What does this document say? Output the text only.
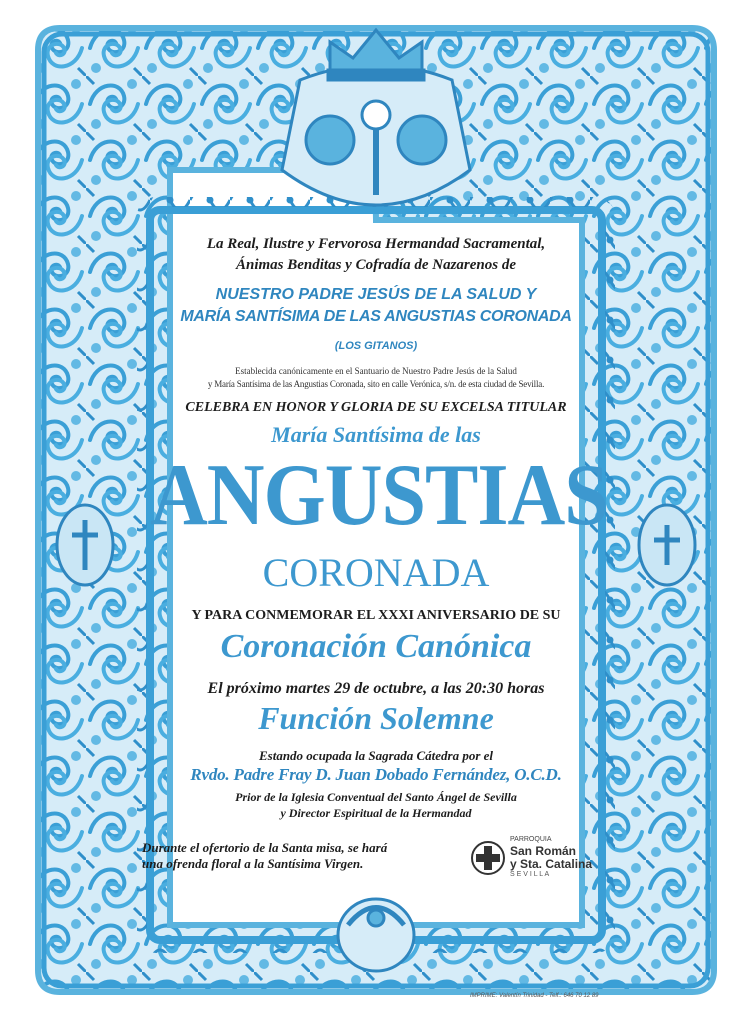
La Real, Ilustre y Fervorosa Hermandad Sacramental,
Ánimas Benditas y Cofradía de Nazarenos de
NUESTRO PADRE JESÚS DE LA SALUD Y
MARÍA SANTÍSIMA DE LAS ANGUSTIAS CORONADA
(LOS GITANOS)
Establecida canónicamente en el Santuario de Nuestro Padre Jesús de la Salud
y María Santísima de las Angustias Coronada, sito en calle Verónica, s/n. de esta ciudad de Sevilla.
CELEBRA EN HONOR Y GLORIA DE SU EXCELSA TITULAR
María Santísima de las
ANGUSTIAS
CORONADA
Y PARA CONMEMORAR EL XXXI ANIVERSARIO DE SU
Coronación Canónica
El próximo martes 29 de octubre, a las 20:30 horas
Función Solemne
Estando ocupada la Sagrada Cátedra por el
Rvdo. Padre Fray D. Juan Dobado Fernández, O.C.D.
Prior de la Iglesia Conventual del Santo Ángel de Sevilla
y Director Espiritual de la Hermandad
Durante el ofertorio de la Santa misa, se hará
una ofrenda floral a la Santísima Virgen.
PARROQUIA
San Román
y Sta. Catalina
S E V I L L A
IMPRIME: Valentín Trinidad - Telf.: 646 70 12 89
